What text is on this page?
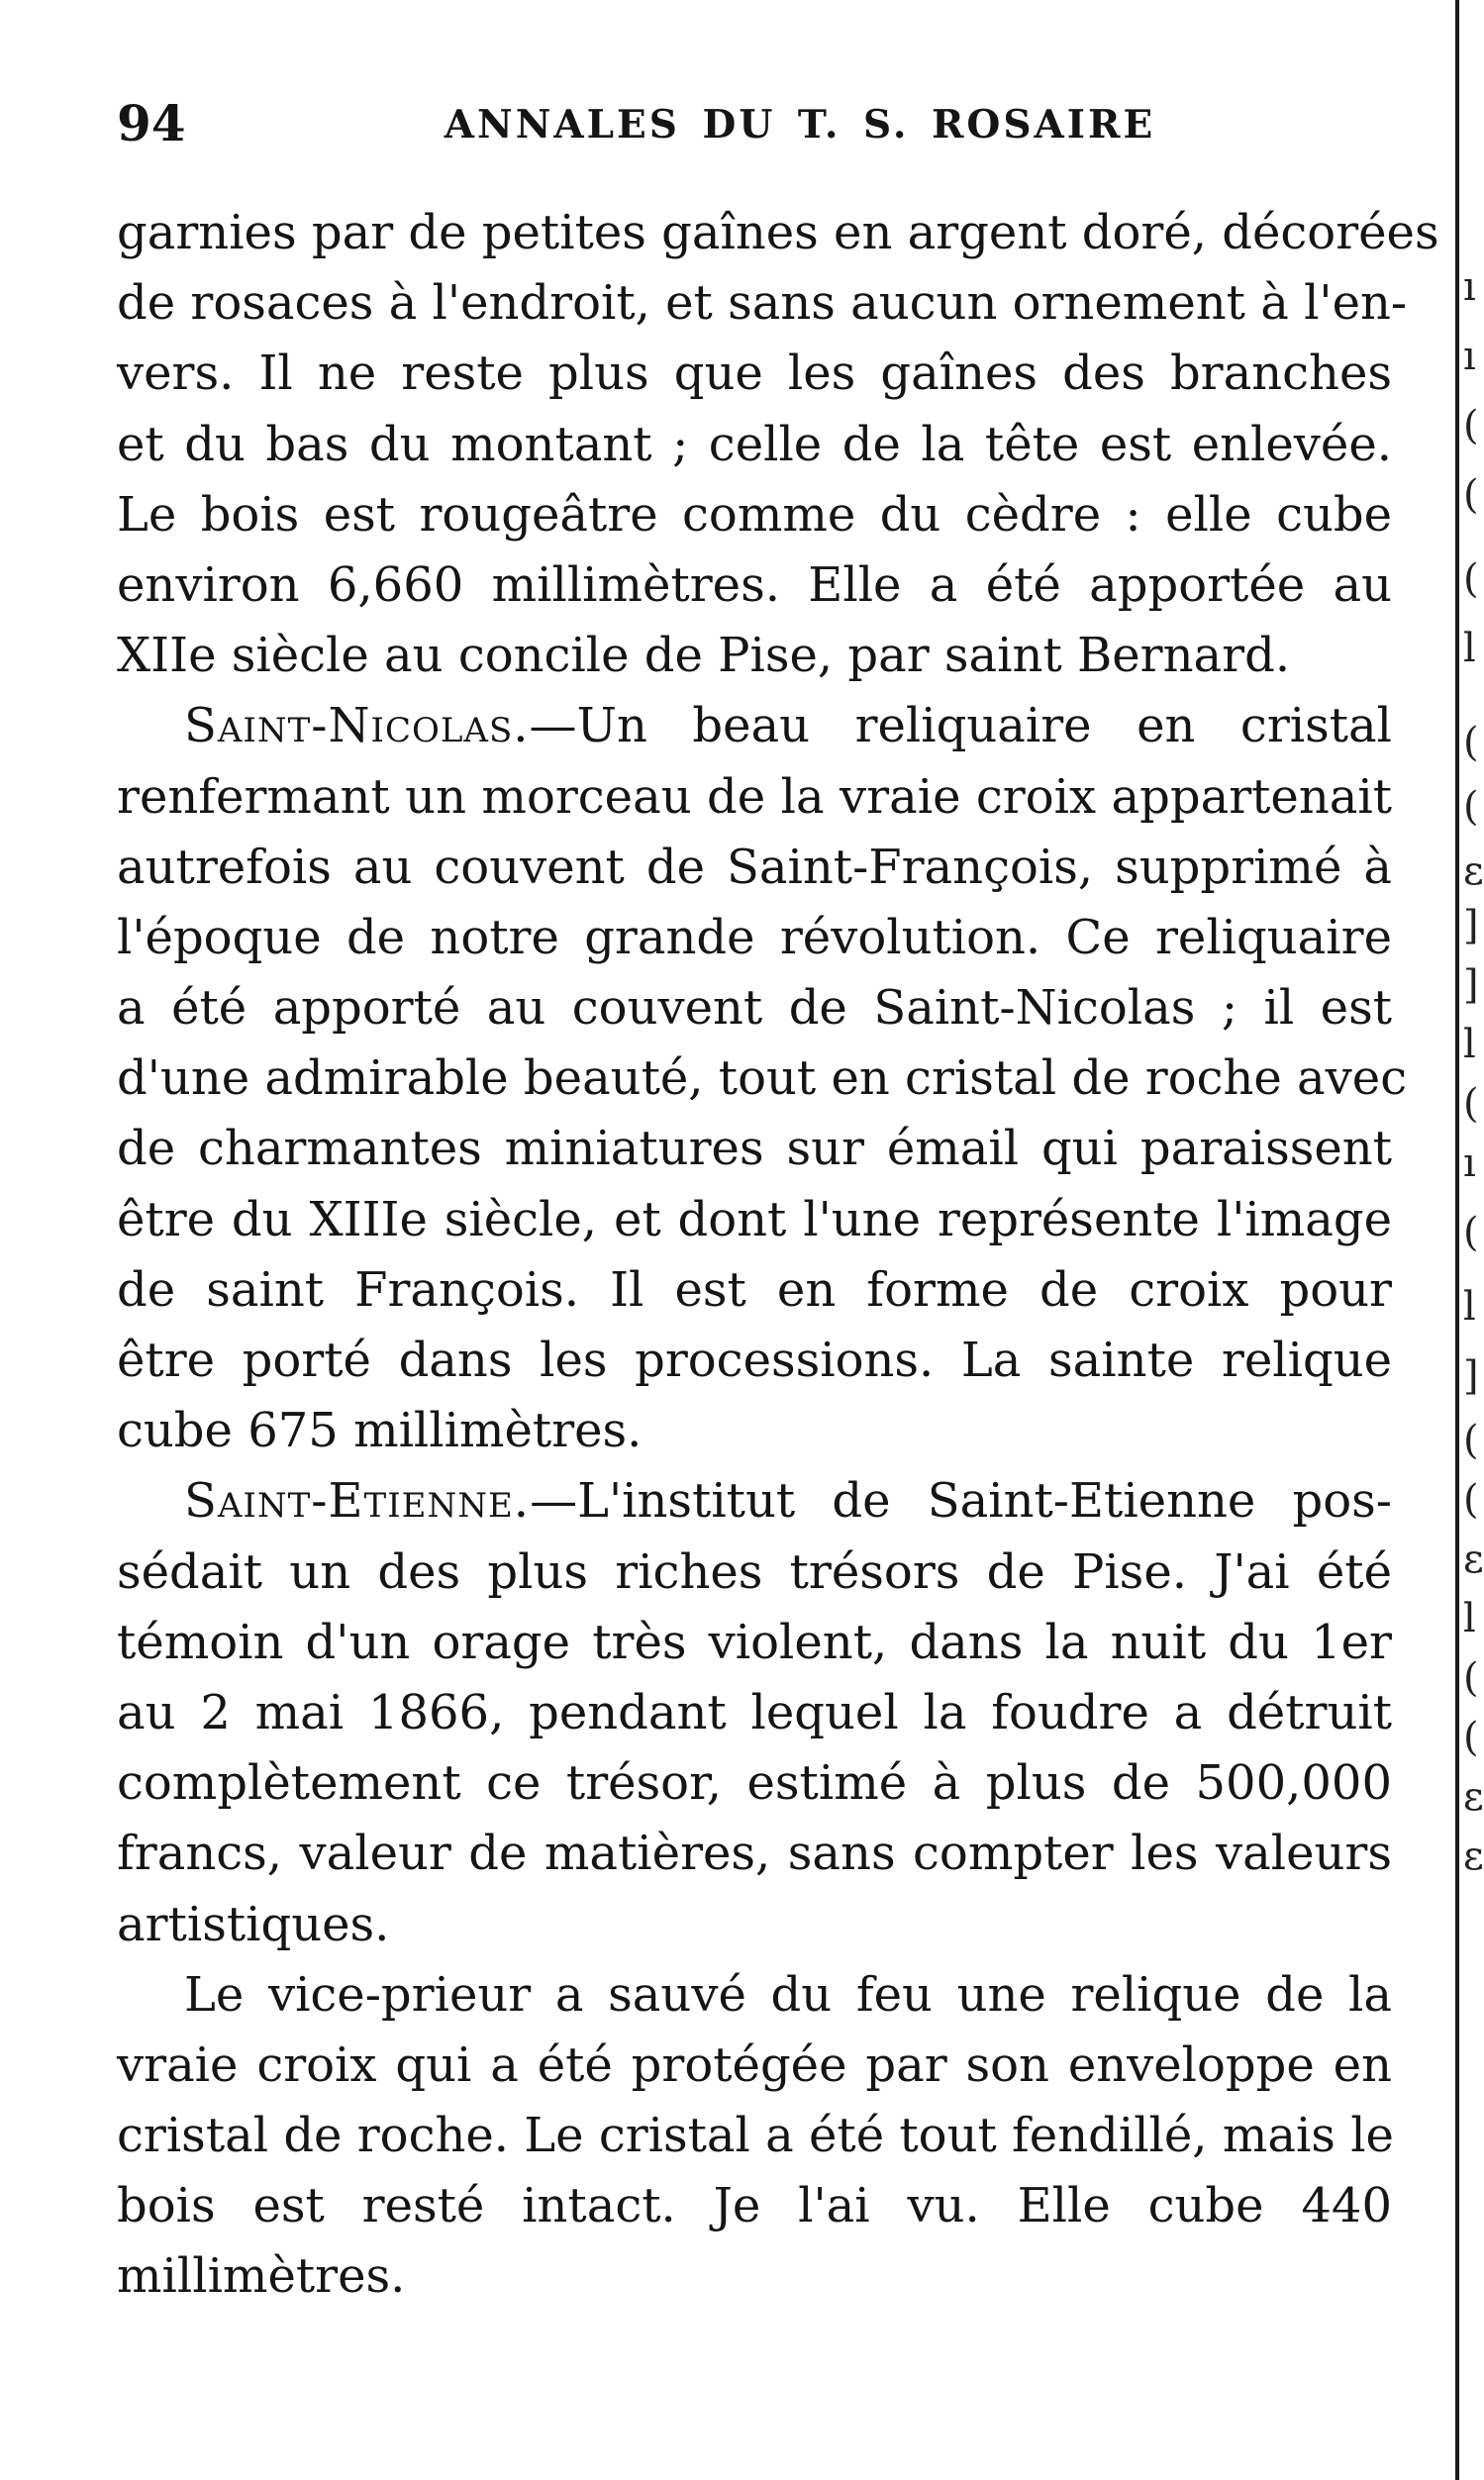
94	ANNALES DU T. S. ROSAIRE
garnies par de petites gaînes en argent doré, décorées
de rosaces à l'endroit, et sans aucun ornement à l'en-
vers. Il ne reste plus que les gaînes des branches
et du bas du montant ; celle de la tête est enlevée.
Le bois est rougeâtre comme du cèdre : elle cube
environ 6,660 millimètres. Elle a été apportée au
XIIe siècle au concile de Pise, par saint Bernard.
Saint-Nicolas.—Un beau reliquaire en cristal
renfermant un morceau de la vraie croix appartenait
autrefois au couvent de Saint-François, supprimé à
l'époque de notre grande révolution. Ce reliquaire
a été apporté au couvent de Saint-Nicolas ; il est
d'une admirable beauté, tout en cristal de roche avec
de charmantes miniatures sur émail qui paraissent
être du XIIIe siècle, et dont l'une représente l'image
de saint François. Il est en forme de croix pour
être porté dans les processions. La sainte relique
cube 675 millimètres.
Saint-Etienne.—L'institut de Saint-Etienne pos-
sédait un des plus riches trésors de Pise. J'ai été
témoin d'un orage très violent, dans la nuit du 1er
au 2 mai 1866, pendant lequel la foudre a détruit
complètement ce trésor, estimé à plus de 500,000
francs, valeur de matières, sans compter les valeurs
artistiques.
Le vice-prieur a sauvé du feu une relique de la
vraie croix qui a été protégée par son enveloppe en
cristal de roche. Le cristal a été tout fendillé, mais le
bois est resté intact. Je l'ai vu. Elle cube 440
millimètres.
ı
ı
(
(
(
l
(
(
ɛ
]
]
l
(
ı
(
l
]
(
(
ɛ
l
(
(
ɛ
ɛ
